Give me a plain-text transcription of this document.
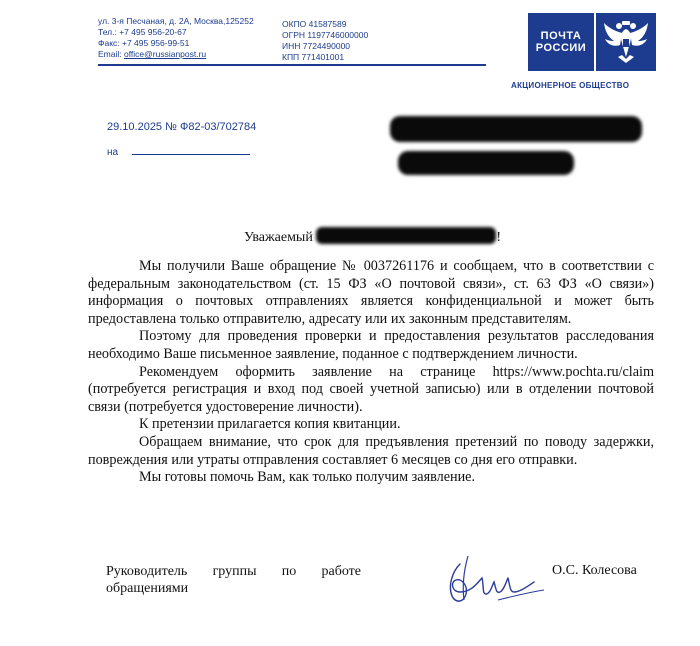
ул. 3-я Песчаная, д. 2А, Москва,125252
Тел.: +7 495 956-20-67
Факс: +7 495 956-99-51
Email: office@russianpost.ru
ОКПО 41587589
ОГРН 1197746000000
ИНН 7724490000
КПП 771401001
ПОЧТА
РОССИИ
АКЦИОНЕРНОЕ ОБЩЕСТВО
29.10.2025 № Ф82-03/702784
на
Уважаемый	!

Мы получили Ваше обращение № 0037261176 и сообщаем, что в соответствии с федеральным законодательством (ст. 15 ФЗ «О почтовой связи», ст. 63 ФЗ «О связи») информация о почтовых отправлениях является конфиденциальной и может быть предоставлена только отправителю, адресату или их законным представителям.

Поэтому для проведения проверки и предоставления результатов расследования необходимо Ваше письменное заявление, поданное с подтверждением личности.

Рекомендуем оформить заявление на странице https://www.pochta.ru/claim (потребуется регистрация и вход под своей учетной записью) или в отделении почтовой связи (потребуется удостоверение личности).

К претензии прилагается копия квитанции.

Обращаем внимание, что срок для предъявления претензий по поводу задержки, повреждения или утраты отправления составляет 6 месяцев со дня его отправки.

Мы готовы помочь Вам, как только получим заявление.

Руководитель группы по работе
обращениями
О.С. Колесова
